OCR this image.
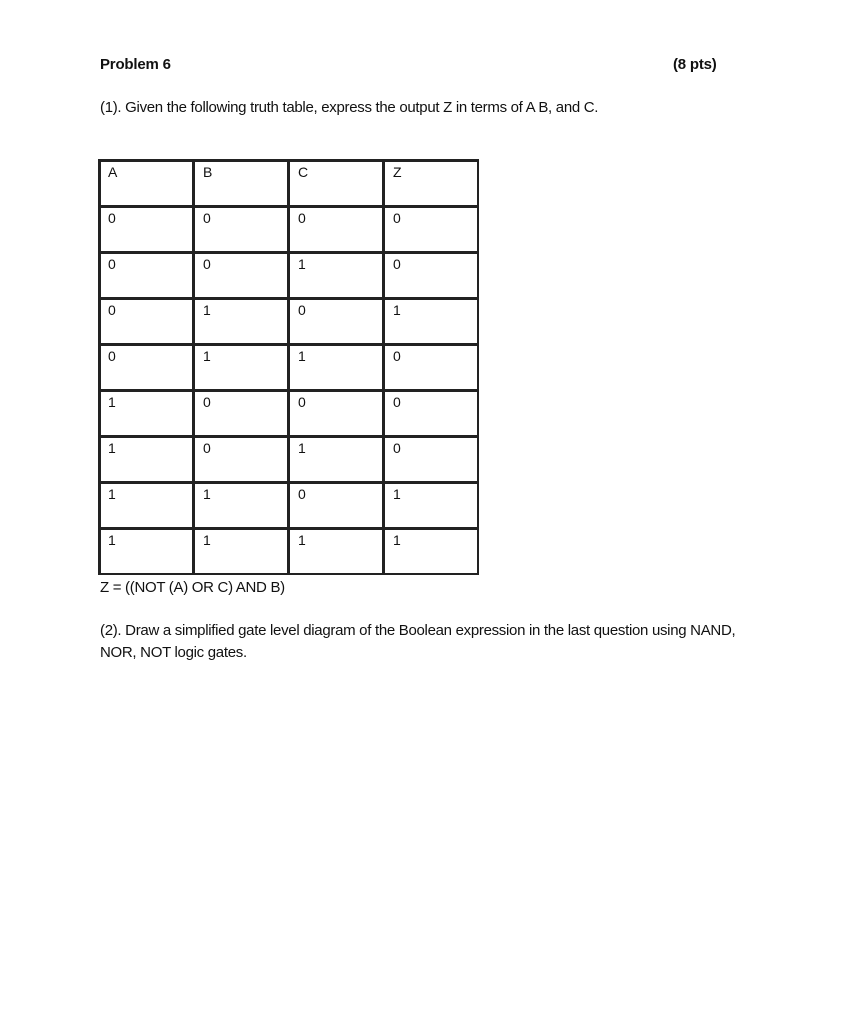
Problem 6	(8 pts)
(1). Given the following truth table, express the output Z in terms of A B, and C.
A	B	C	Z
0	0	0	0
0	0	1	0
0	1	0	1
0	1	1	0
1	0	0	0
1	0	1	0
1	1	0	1
1	1	1	1
Z = ((NOT (A) OR C) AND B)
(2). Draw a simplified gate level diagram of the Boolean expression in the last question using NAND, NOR, NOT logic gates.
